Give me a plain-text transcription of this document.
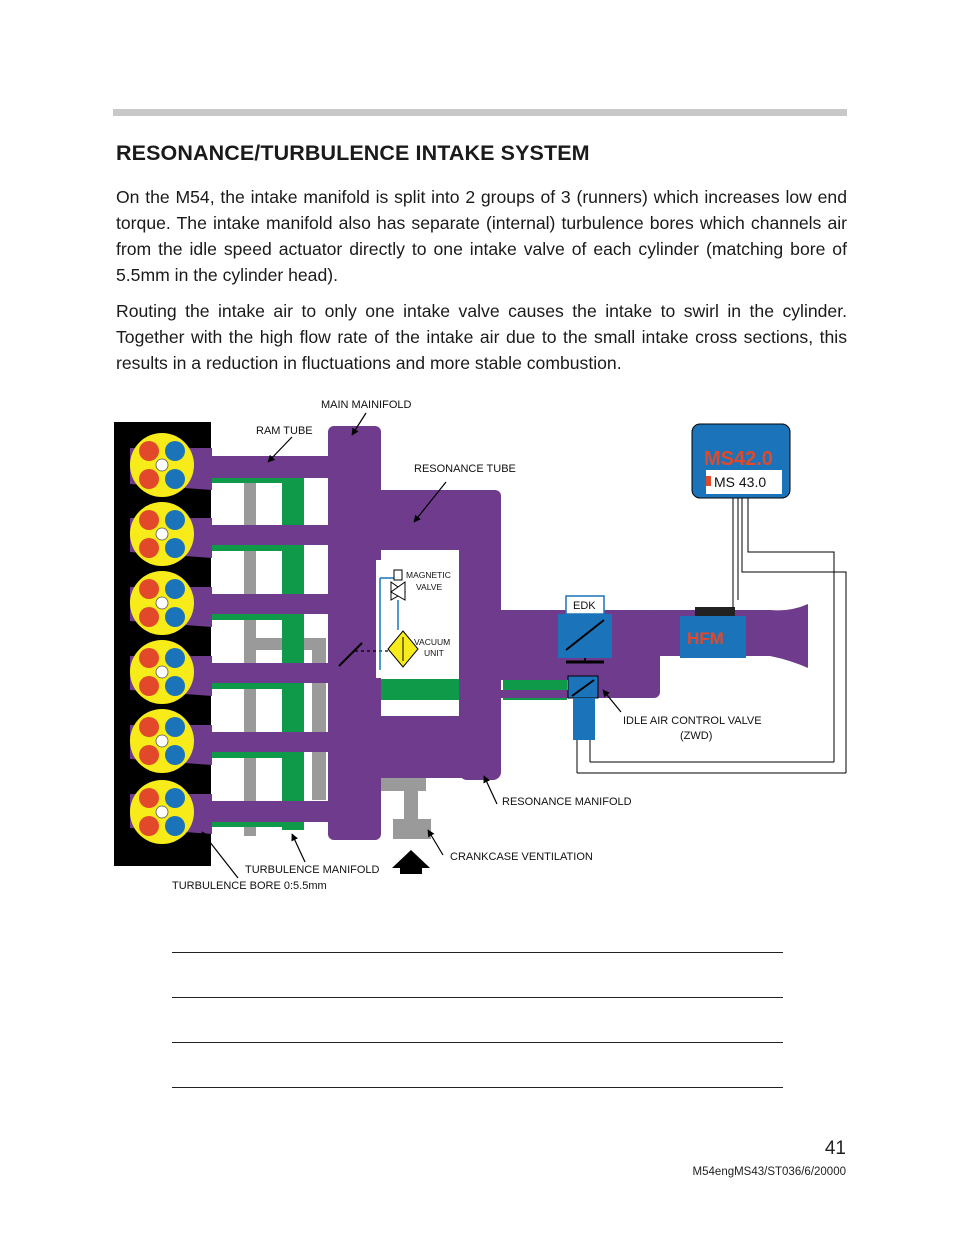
RESONANCE/TURBULENCE INTAKE SYSTEM

On the M54, the intake manifold is split into 2 groups of 3 (runners) which increases low end torque. The intake manifold also has separate (internal) turbulence bores which channels air from the idle speed actuator directly to one intake valve of each cylinder (matching bore of 5.5mm in the cylinder head).

Routing the intake air to only one intake valve causes the intake to swirl in the cylinder. Together with the high flow rate of the intake air due to the small intake cross sections, this results in a reduction in fluctuations and more stable combustion.

MAGNETIC
VALVE
VACUUM
UNIT
EDK
HFM
MS42.0
MS 43.0
MAIN MAINIFOLD
RAM TUBE
RESONANCE TUBE
IDLE AIR CONTROL VALVE
(ZWD)
RESONANCE MANIFOLD
CRANKCASE VENTILATION
TURBULENCE MANIFOLD
TURBULENCE BORE 0:5.5mm
41
M54engMS43/ST036/6/20000
